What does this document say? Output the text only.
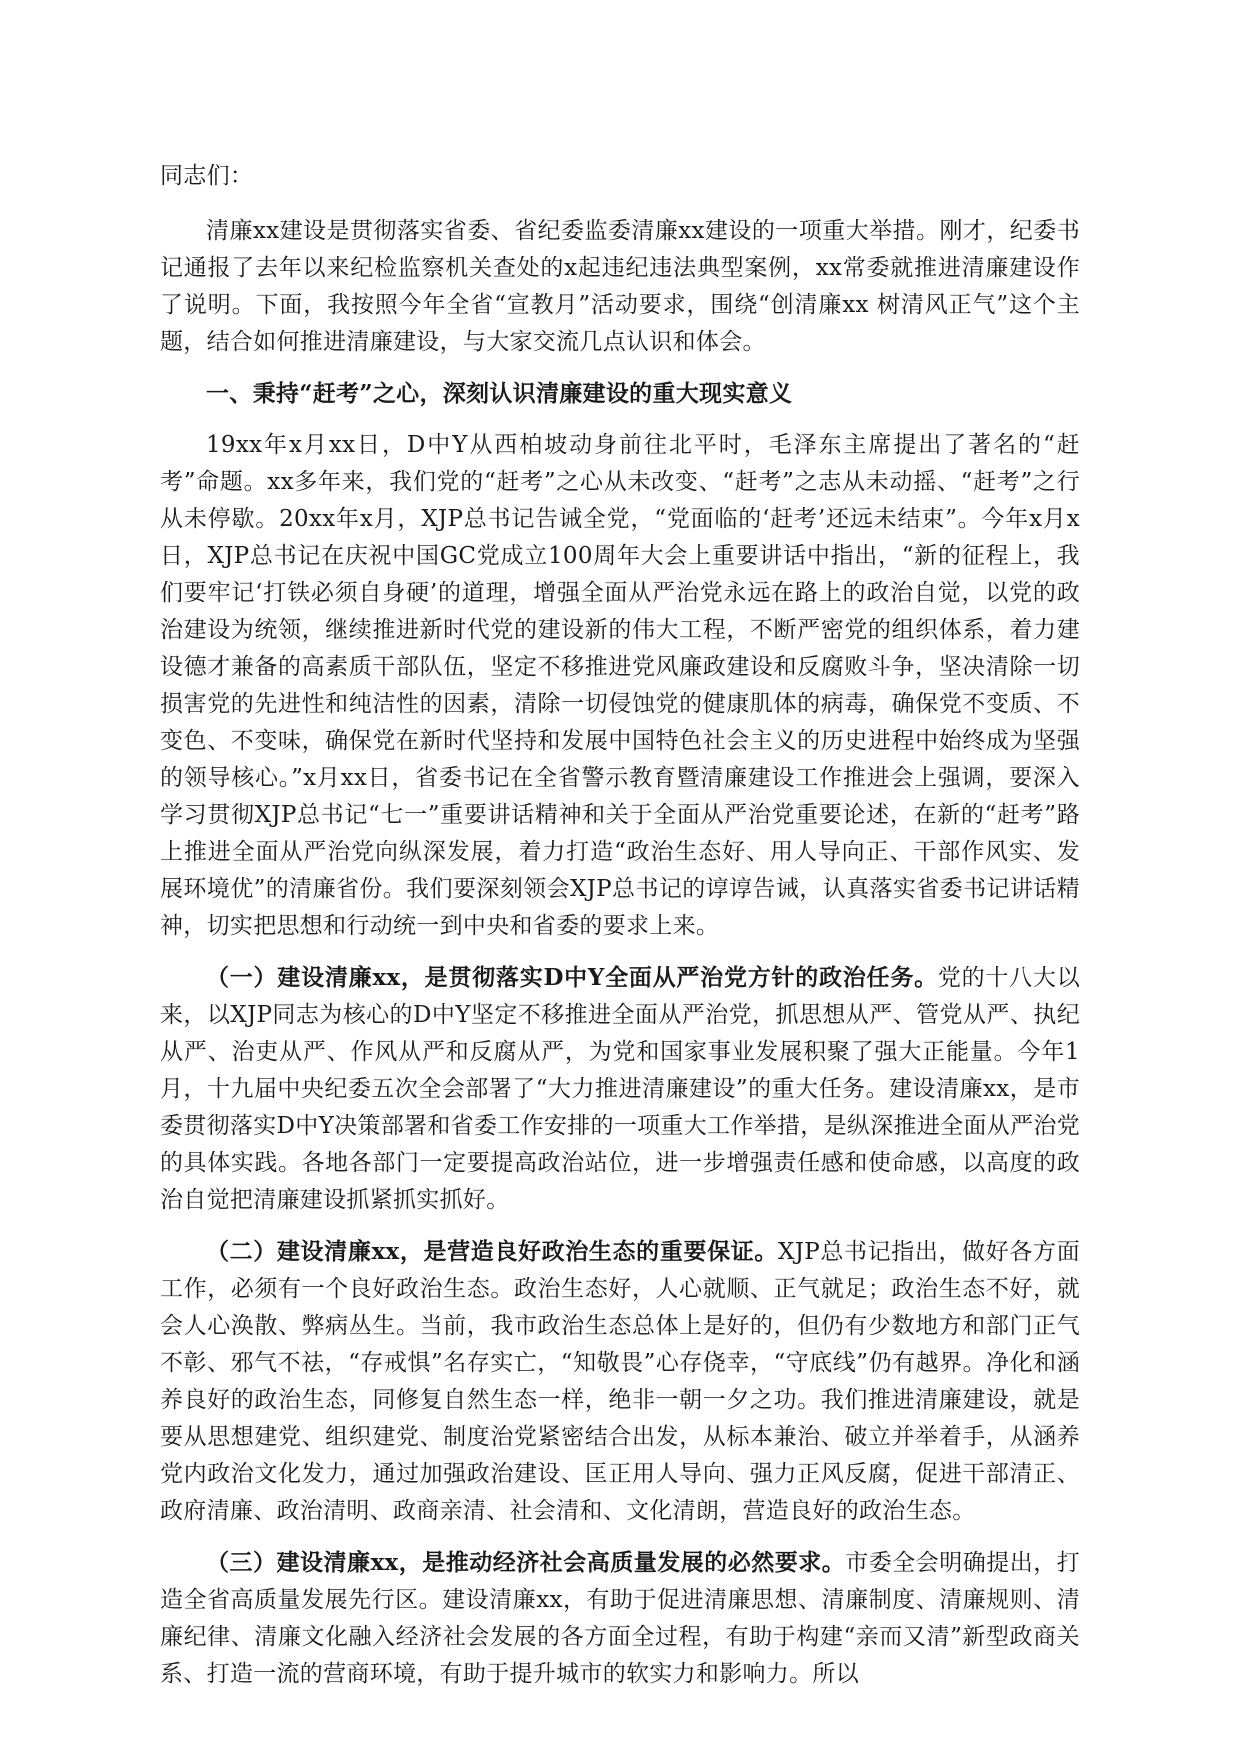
同志们：

清廉xx建设是贯彻落实省委、省纪委监委清廉xx建设的一项重大举措。刚才，纪委书记通报了去年以来纪检监察机关查处的x起违纪违法典型案例，xx常委就推进清廉建设作了说明。下面，我按照今年全省“宣教月”活动要求，围绕“创清廉xx 树清风正气”这个主题，结合如何推进清廉建设，与大家交流几点认识和体会。

一、秉持“赶考”之心，深刻认识清廉建设的重大现实意义

19xx年x月xx日，D中Y从西柏坡动身前往北平时，毛泽东主席提出了著名的“赶考”命题。xx多年来，我们党的“赶考”之心从未改变、“赶考”之志从未动摇、“赶考”之行从未停歇。20xx年x月，XJP总书记告诫全党，“党面临的‘赶考’还远未结束”。今年x月x日，XJP总书记在庆祝中国GC党成立100周年大会上重要讲话中指出，“新的征程上，我们要牢记‘打铁必须自身硬’的道理，增强全面从严治党永远在路上的政治自觉，以党的政治建设为统领，继续推进新时代党的建设新的伟大工程，不断严密党的组织体系，着力建设德才兼备的高素质干部队伍，坚定不移推进党风廉政建设和反腐败斗争，坚决清除一切损害党的先进性和纯洁性的因素，清除一切侵蚀党的健康肌体的病毒，确保党不变质、不变色、不变味，确保党在新时代坚持和发展中国特色社会主义的历史进程中始终成为坚强的领导核心。”x月xx日，省委书记在全省警示教育暨清廉建设工作推进会上强调，要深入学习贯彻XJP总书记“七一”重要讲话精神和关于全面从严治党重要论述，在新的“赶考”路上推进全面从严治党向纵深发展，着力打造“政治生态好、用人导向正、干部作风实、发展环境优”的清廉省份。我们要深刻领会XJP总书记的谆谆告诫，认真落实省委书记讲话精神，切实把思想和行动统一到中央和省委的要求上来。

（一）建设清廉xx，是贯彻落实D中Y全面从严治党方针的政治任务。党的十八大以来，以XJP同志为核心的D中Y坚定不移推进全面从严治党，抓思想从严、管党从严、执纪从严、治吏从严、作风从严和反腐从严，为党和国家事业发展积聚了强大正能量。今年1月，十九届中央纪委五次全会部署了“大力推进清廉建设”的重大任务。建设清廉xx，是市委贯彻落实D中Y决策部署和省委工作安排的一项重大工作举措，是纵深推进全面从严治党的具体实践。各地各部门一定要提高政治站位，进一步增强责任感和使命感，以高度的政治自觉把清廉建设抓紧抓实抓好。

（二）建设清廉xx，是营造良好政治生态的重要保证。XJP总书记指出，做好各方面工作，必须有一个良好政治生态。政治生态好，人心就顺、正气就足；政治生态不好，就会人心涣散、弊病丛生。当前，我市政治生态总体上是好的，但仍有少数地方和部门正气不彰、邪气不祛，“存戒惧”名存实亡，“知敬畏”心存侥幸，“守底线”仍有越界。净化和涵养良好的政治生态，同修复自然生态一样，绝非一朝一夕之功。我们推进清廉建设，就是要从思想建党、组织建党、制度治党紧密结合出发，从标本兼治、破立并举着手，从涵养党内政治文化发力，通过加强政治建设、匡正用人导向、强力正风反腐，促进干部清正、政府清廉、政治清明、政商亲清、社会清和、文化清朗，营造良好的政治生态。

（三）建设清廉xx，是推动经济社会高质量发展的必然要求。市委全会明确提出，打造全省高质量发展先行区。建设清廉xx，有助于促进清廉思想、清廉制度、清廉规则、清廉纪律、清廉文化融入经济社会发展的各方面全过程，有助于构建“亲而又清”新型政商关系、打造一流的营商环境，有助于提升城市的软实力和影响力。所以
